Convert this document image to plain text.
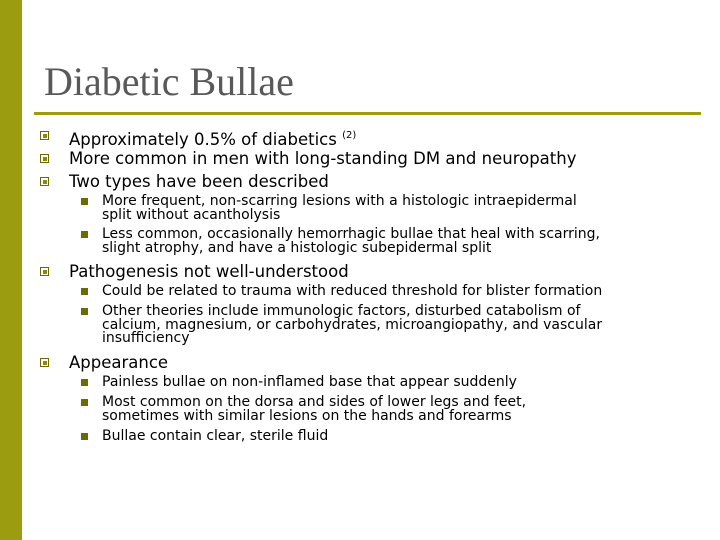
Diabetic Bullae
Approximately 0.5% of diabetics $^{(2)}$
More common in men with long-standing DM and neuropathy
Two types have been described
More frequent, non-scarring lesions with a histologic intraepidermal
split without acantholysis
Less common, occasionally hemorrhagic bullae that heal with scarring,
slight atrophy, and have a histologic subepidermal split
Pathogenesis not well-understood
Could be related to trauma with reduced threshold for blister formation
Other theories include immunologic factors, disturbed catabolism of
calcium, magnesium, or carbohydrates, microangiopathy, and vascular
insufficiency
Appearance
Painless bullae on non-inflamed base that appear suddenly
Most common on the dorsa and sides of lower legs and feet,
sometimes with similar lesions on the hands and forearms
Bullae contain clear, sterile fluid
